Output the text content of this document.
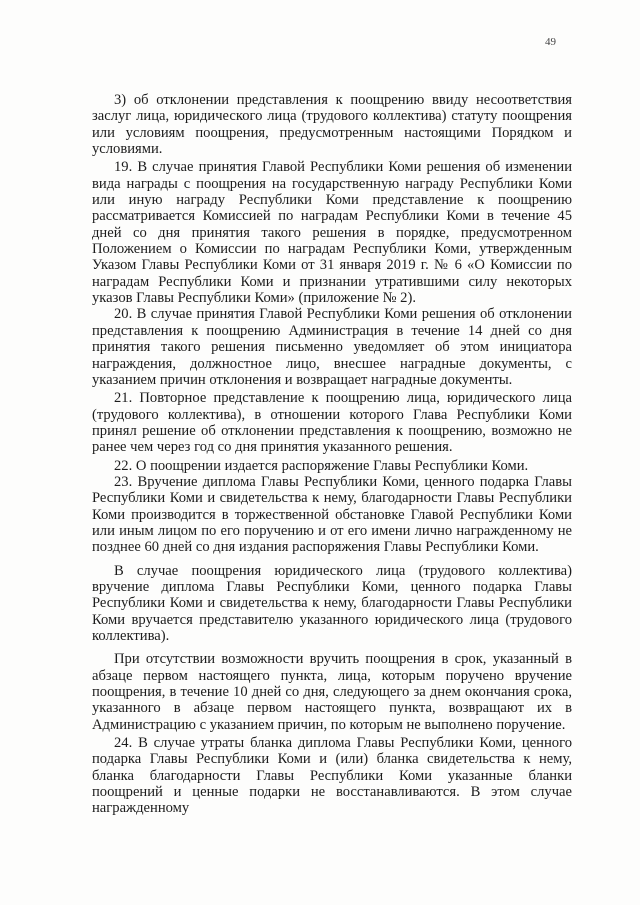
49

3) об отклонении представления к поощрению ввиду несоответствия заслуг лица, юридического лица (трудового коллектива) статуту поощрения или условиям поощрения, предусмотренным настоящими Порядком и условиями.

19. В случае принятия Главой Республики Коми решения об изменении вида награды с поощрения на государственную награду Республики Коми или иную награду Республики Коми представление к поощрению рассматривается Комиссией по наградам Республики Коми в течение 45 дней со дня принятия такого решения в порядке, предусмотренном Положением о Комиссии по наградам Республики Коми, утвержденным Указом Главы Республики Коми от 31 января 2019 г. № 6 «О Комиссии по наградам Республики Коми и признании утратившими силу некоторых указов Главы Республики Коми» (приложение № 2).

20. В случае принятия Главой Республики Коми решения об отклонении представления к поощрению Администрация в течение 14 дней со дня принятия такого решения письменно уведомляет об этом инициатора награждения, должностное лицо, внесшее наградные документы, с указанием причин отклонения и возвращает наградные документы.

21. Повторное представление к поощрению лица, юридического лица (трудового коллектива), в отношении которого Глава Республики Коми принял решение об отклонении представления к поощрению, возможно не ранее чем через год со дня принятия указанного решения.

22. О поощрении издается распоряжение Главы Республики Коми.

23. Вручение диплома Главы Республики Коми, ценного подарка Главы Республики Коми и свидетельства к нему, благодарности Главы Республики Коми производится в торжественной обстановке Главой Республики Коми или иным лицом по его поручению и от его имени лично награжденному не позднее 60 дней со дня издания распоряжения Главы Республики Коми.

В случае поощрения юридического лица (трудового коллектива) вручение диплома Главы Республики Коми, ценного подарка Главы Республики Коми и свидетельства к нему, благодарности Главы Республики Коми вручается представителю указанного юридического лица (трудового коллектива).

При отсутствии возможности вручить поощрения в срок, указанный в абзаце первом настоящего пункта, лица, которым поручено вручение поощрения, в течение 10 дней со дня, следующего за днем окончания срока, указанного в абзаце первом настоящего пункта, возвращают их в Администрацию с указанием причин, по которым не выполнено поручение.

24. В случае утраты бланка диплома Главы Республики Коми, ценного подарка Главы Республики Коми и (или) бланка свидетельства к нему, бланка благодарности Главы Республики Коми указанные бланки поощрений и ценные подарки не восстанавливаются. В этом случае награжденному
